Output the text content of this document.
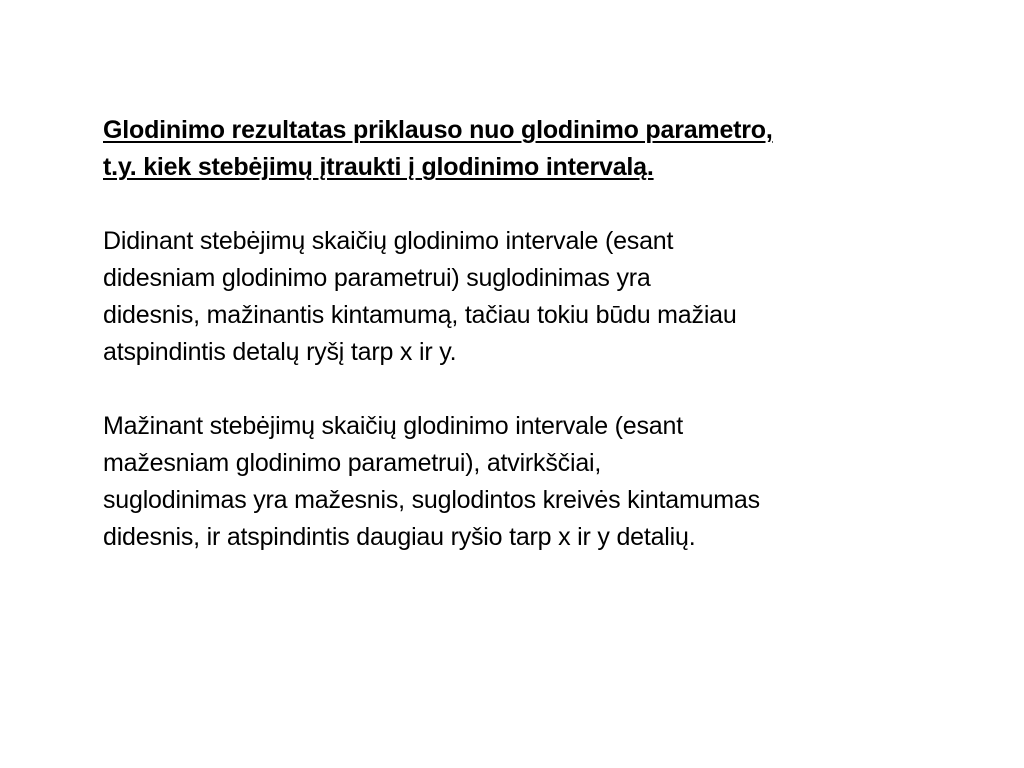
Glodinimo rezultatas priklauso nuo glodinimo parametro,
t.y. kiek stebėjimų įtraukti į glodinimo intervalą.
Didinant stebėjimų skaičių glodinimo intervale (esant
didesniam glodinimo parametrui) suglodinimas yra
didesnis, mažinantis kintamumą, tačiau tokiu būdu mažiau
atspindintis detalų ryšį tarp x ir y.
Mažinant stebėjimų skaičių glodinimo intervale (esant
mažesniam glodinimo parametrui), atvirkščiai,
suglodinimas yra mažesnis, suglodintos kreivės kintamumas
didesnis, ir atspindintis daugiau ryšio tarp x ir y detalių.
